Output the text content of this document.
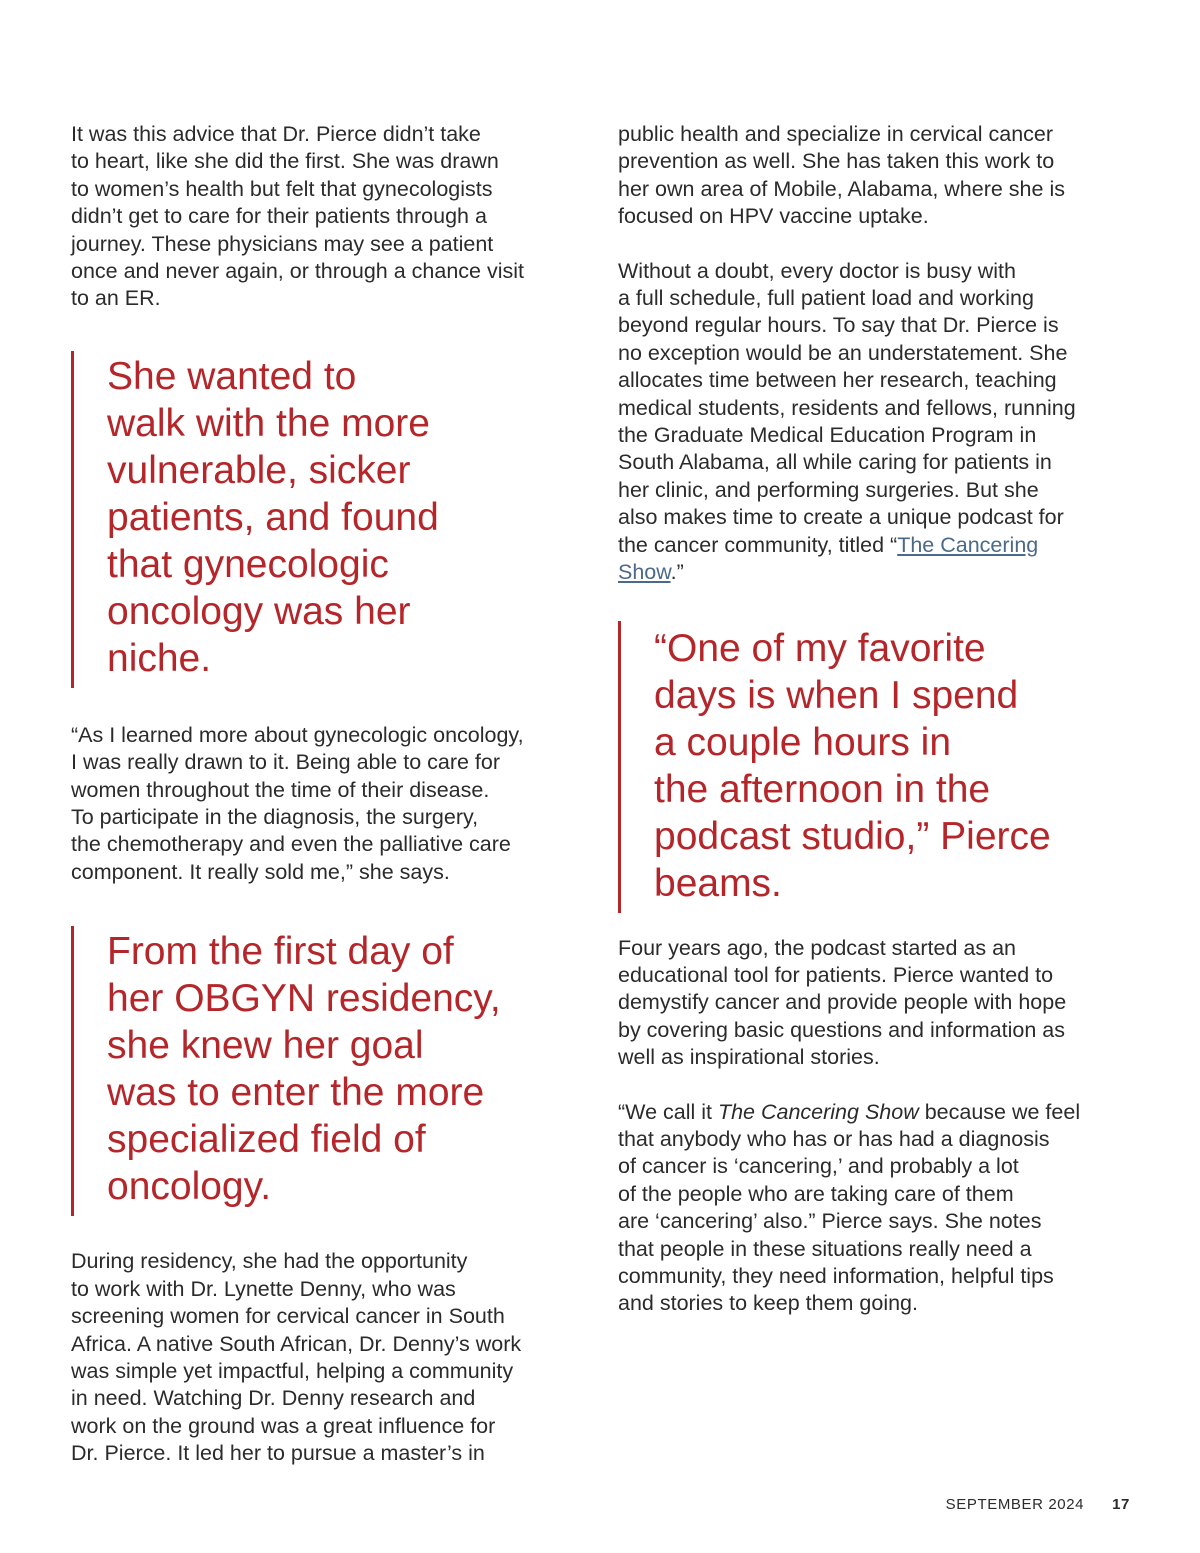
It was this advice that Dr. Pierce didn’t take
to heart, like she did the first. She was drawn
to women’s health but felt that gynecologists
didn’t get to care for their patients through a
journey. These physicians may see a patient
once and never again, or through a chance visit
to an ER.

She wanted to
walk with the more
vulnerable, sicker
patients, and found
that gynecologic
oncology was her
niche.

“As I learned more about gynecologic oncology,
I was really drawn to it. Being able to care for
women throughout the time of their disease.
To participate in the diagnosis, the surgery,
the chemotherapy and even the palliative care
component. It really sold me,” she says.

From the first day of
her OBGYN residency,
she knew her goal
was to enter the more
specialized field of
oncology.

During residency, she had the opportunity
to work with Dr. Lynette Denny, who was
screening women for cervical cancer in South
Africa. A native South African, Dr. Denny’s work
was simple yet impactful, helping a community
in need. Watching Dr. Denny research and
work on the ground was a great influence for
Dr. Pierce. It led her to pursue a master’s in

public health and specialize in cervical cancer
prevention as well. She has taken this work to
her own area of Mobile, Alabama, where she is
focused on HPV vaccine uptake.

Without a doubt, every doctor is busy with
a full schedule, full patient load and working
beyond regular hours. To say that Dr. Pierce is
no exception would be an understatement. She
allocates time between her research, teaching
medical students, residents and fellows, running
the Graduate Medical Education Program in
South Alabama, all while caring for patients in
her clinic, and performing surgeries. But she
also makes time to create a unique podcast for
the cancer community, titled “The Cancering
Show.”

“One of my favorite
days is when I spend
a couple hours in
the afternoon in the
podcast studio,” Pierce
beams.

Four years ago, the podcast started as an
educational tool for patients. Pierce wanted to
demystify cancer and provide people with hope
by covering basic questions and information as
well as inspirational stories.

“We call it The Cancering Show because we feel
that anybody who has or has had a diagnosis
of cancer is ‘cancering,’ and probably a lot
of the people who are taking care of them
are ‘cancering’ also.” Pierce says. She notes
that people in these situations really need a
community, they need information, helpful tips
and stories to keep them going.

SEPTEMBER 2024 17
